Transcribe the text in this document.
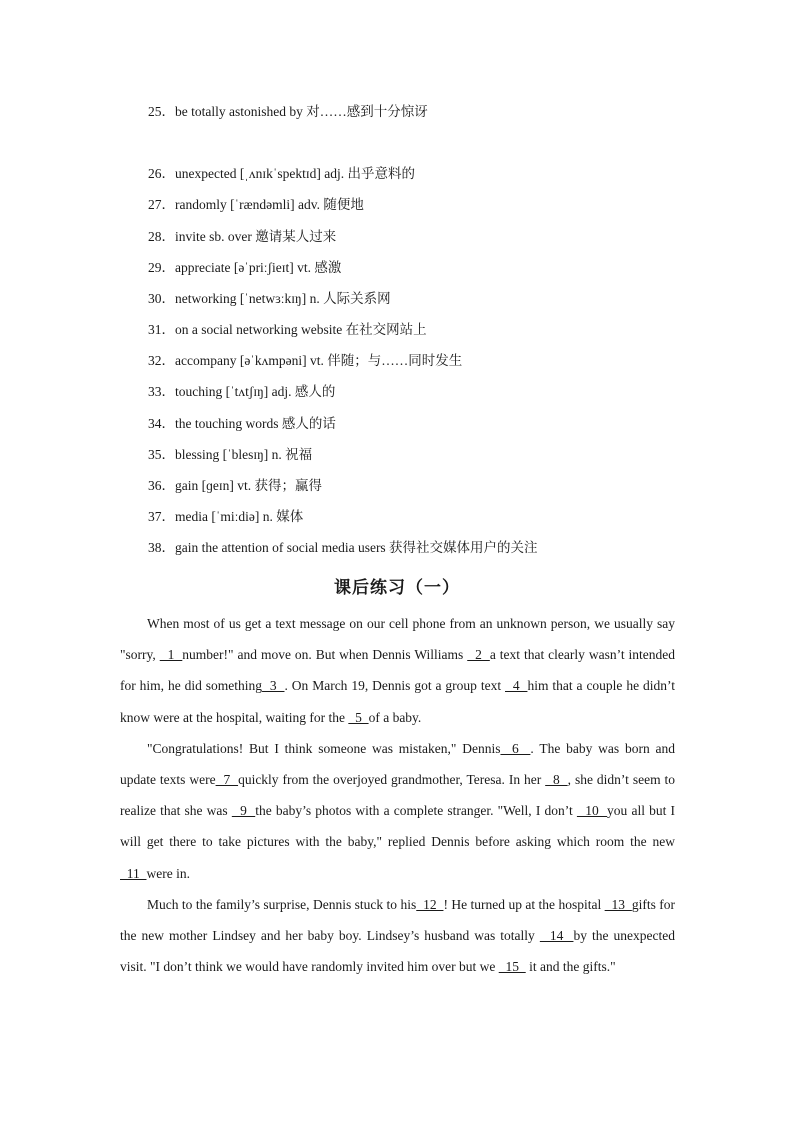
25．be totally astonished by 对……感到十分惊讶
26．unexpected [ˌʌnɪkˈspektɪd] adj. 出乎意料的
27．randomly [ˈrændəmli] adv. 随便地
28．invite sb. over 邀请某人过来
29．appreciate [əˈpriːʃieɪt] vt. 感激
30．networking [ˈnetwɜːkɪŋ] n. 人际关系网
31．on a social networking website 在社交网站上
32．accompany [əˈkʌmpəni] vt. 伴随；与……同时发生
33．touching [ˈtʌtʃɪŋ] adj. 感人的
34．the touching words 感人的话
35．blessing [ˈblesɪŋ] n. 祝福
36．gain [ɡeɪn] vt. 获得；赢得
37．media [ˈmiːdiə] n. 媒体
38．gain the attention of social media users 获得社交媒体用户的关注
课后练习（一）

When most of us get a text message on our cell phone from an unknown person, we usually say "sorry,   1  number!" and move on. But when Dennis Williams   2  a text that clearly wasn’t intended for him, he did something  3  . On March 19, Dennis got a group text   4  him that a couple he didn’t know were at the hospital, waiting for the   5  of a baby.

"Congratulations! But I think someone was mistaken," Dennis  6  . The baby was born and update texts were  7  quickly from the overjoyed grandmother, Teresa. In her   8  , she didn’t seem to realize that she was   9  the baby’s photos with a complete stranger. "Well, I don’t   10  you all but I will get there to take pictures with the baby," replied Dennis before asking which room the new  11  were in.

Much to the family’s surprise, Dennis stuck to his  12  ! He turned up at the hospital   13  gifts for the new mother Lindsey and her baby boy. Lindsey’s husband was totally   14  by the unexpected visit. "I don’t think we would have randomly invited him over but we   15   it and the gifts."
